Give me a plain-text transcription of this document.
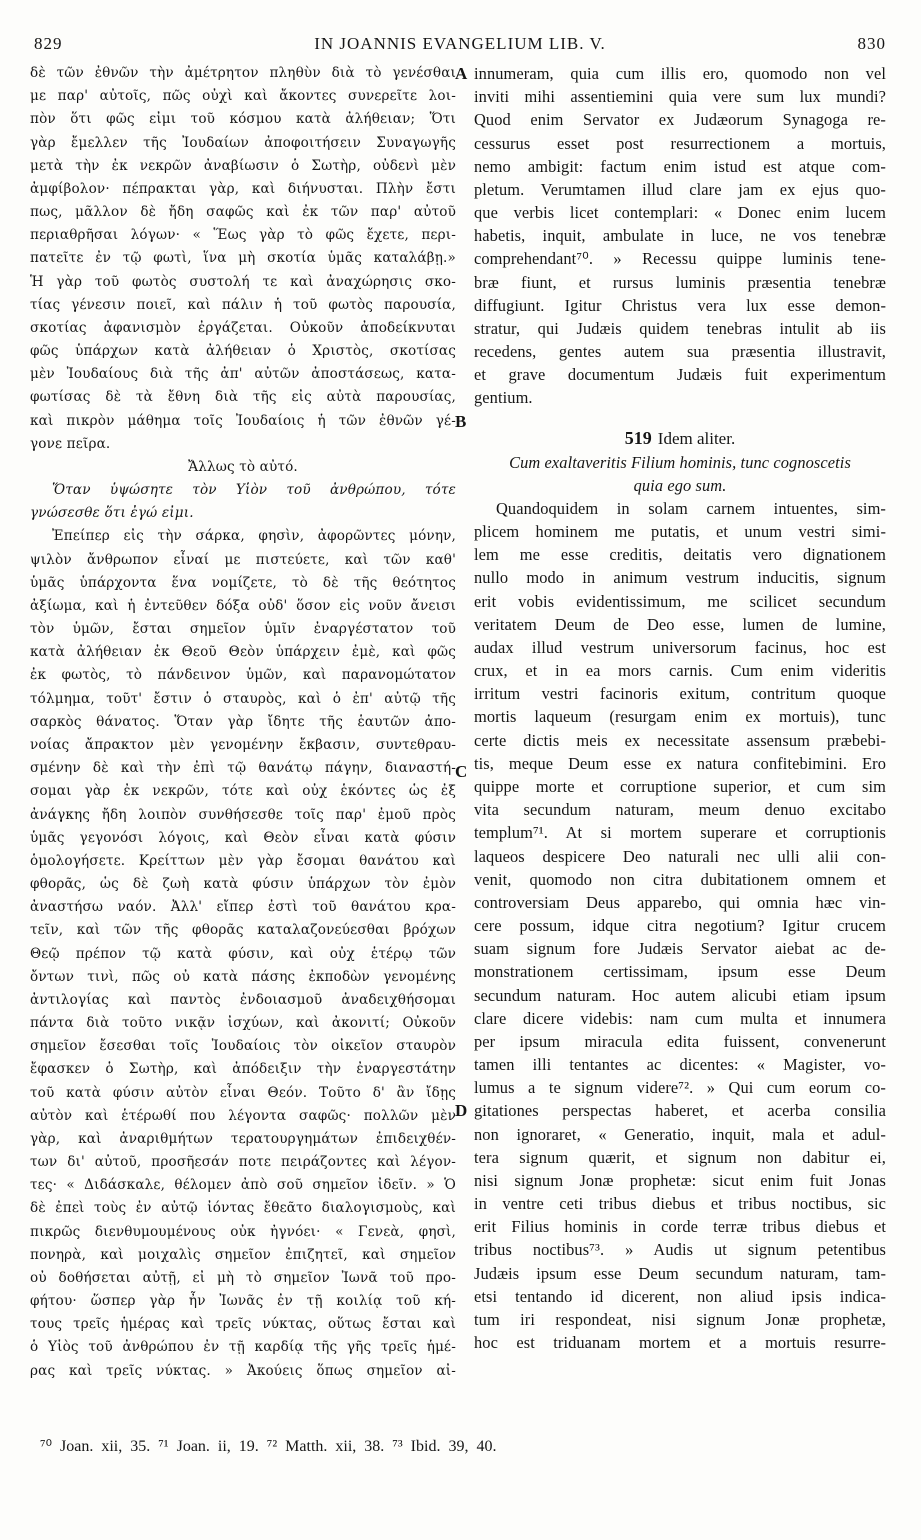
829	IN JOANNIS EVANGELIUM LIB. V.	830
A
B
C
D
δὲ τῶν ἐθνῶν τὴν ἀμέτρητον πληθὺν διὰ τὸ γενέσθαι
με παρ' αὐτοῖς, πῶς οὐχὶ καὶ ἄκοντες συνερεῖτε λοι-
πὸν ὅτι φῶς εἰμι τοῦ κόσμου κατὰ ἀλήθειαν; Ὅτι
γὰρ ἔμελλεν τῆς Ἰουδαίων ἀποφοιτήσειν Συναγωγῆς
μετὰ τὴν ἐκ νεκρῶν ἀναβίωσιν ὁ Σωτὴρ, οὐδενὶ μὲν
ἀμφίβολον· πέπρακται γὰρ, καὶ διήνυσται. Πλὴν ἔστι
πως, μᾶλλον δὲ ἤδη σαφῶς καὶ ἐκ τῶν παρ' αὐτοῦ
περιαθρῆσαι λόγων· « Ἕως γὰρ τὸ φῶς ἔχετε, περι-
πατεῖτε ἐν τῷ φωτὶ, ἵνα μὴ σκοτία ὑμᾶς καταλάβῃ.»
Ἡ γὰρ τοῦ φωτὸς συστολή τε καὶ ἀναχώρησις σκο-
τίας γένεσιν ποιεῖ, καὶ πάλιν ἡ τοῦ φωτὸς παρουσία,
σκοτίας ἀφανισμὸν ἐργάζεται. Οὐκοῦν ἀποδείκνυται
φῶς ὑπάρχων κατὰ ἀλήθειαν ὁ Χριστὸς, σκοτίσας
μὲν Ἰουδαίους διὰ τῆς ἀπ' αὐτῶν ἀποστάσεως, κατα-
φωτίσας δὲ τὰ ἔθνη διὰ τῆς εἰς αὐτὰ παρουσίας,
καὶ πικρὸν μάθημα τοῖς Ἰουδαίοις ἡ τῶν ἐθνῶν γέ-
γονε πεῖρα.
Ἄλλως τὸ αὐτό.
Ὅταν ὑψώσητε τὸν Υἱὸν τοῦ ἀνθρώπου, τότε
γνώσεσθε ὅτι ἐγώ εἰμι.
Ἐπείπερ εἰς τὴν σάρκα, φησὶν, ἀφορῶντες μόνην,
ψιλὸν ἄνθρωπον εἶναί με πιστεύετε, καὶ τῶν καθ'
ὑμᾶς ὑπάρχοντα ἕνα νομίζετε, τὸ δὲ τῆς θεότητος
ἀξίωμα, καὶ ἡ ἐντεῦθεν δόξα οὐδ' ὅσον εἰς νοῦν ἄνεισι
τὸν ὑμῶν, ἔσται σημεῖον ὑμῖν ἐναργέστατον τοῦ
κατὰ ἀλήθειαν ἐκ Θεοῦ Θεὸν ὑπάρχειν ἐμὲ, καὶ φῶς
ἐκ φωτὸς, τὸ πάνδεινον ὑμῶν, καὶ παρανομώτατον
τόλμημα, τοῦτ' ἔστιν ὁ σταυρὸς, καὶ ὁ ἐπ' αὐτῷ τῆς
σαρκὸς θάνατος. Ὅταν γὰρ ἴδητε τῆς ἑαυτῶν ἀπο-
νοίας ἄπρακτον μὲν γενομένην ἔκβασιν, συντεθραυ-
σμένην δὲ καὶ τὴν ἐπὶ τῷ θανάτῳ πάγην, διαναστή-
σομαι γὰρ ἐκ νεκρῶν, τότε καὶ οὐχ ἑκόντες ὡς ἐξ
ἀνάγκης ἤδη λοιπὸν συνθήσεσθε τοῖς παρ' ἐμοῦ πρὸς
ὑμᾶς γεγονόσι λόγοις, καὶ Θεὸν εἶναι κατὰ φύσιν
ὁμολογήσετε. Κρείττων μὲν γὰρ ἔσομαι θανάτου καὶ
φθορᾶς, ὡς δὲ ζωὴ κατὰ φύσιν ὑπάρχων τὸν ἐμὸν
ἀναστήσω ναόν. Ἀλλ' εἴπερ ἐστὶ τοῦ θανάτου κρα-
τεῖν, καὶ τῶν τῆς φθορᾶς καταλαζονεύεσθαι βρόχων
Θεῷ πρέπον τῷ κατὰ φύσιν, καὶ οὐχ ἑτέρῳ τῶν
ὄντων τινὶ, πῶς οὐ κατὰ πάσης ἐκποδὼν γενομένης
ἀντιλογίας καὶ παντὸς ἐνδοιασμοῦ ἀναδειχθήσομαι
πάντα διὰ τοῦτο νικᾷν ἰσχύων, καὶ ἀκονιτί; Οὐκοῦν
σημεῖον ἔσεσθαι τοῖς Ἰουδαίοις τὸν οἰκεῖον σταυρὸν
ἔφασκεν ὁ Σωτὴρ, καὶ ἀπόδειξιν τὴν ἐναργεστάτην
τοῦ κατὰ φύσιν αὐτὸν εἶναι Θεόν. Τοῦτο δ' ἂν ἴδῃς
αὐτὸν καὶ ἑτέρωθί που λέγοντα σαφῶς· πολλῶν μὲν
γὰρ, καὶ ἀναριθμήτων τερατουργημάτων ἐπιδειχθέν-
των δι' αὐτοῦ, προσῆεσάν ποτε πειράζοντες καὶ λέγον-
τες· « Διδάσκαλε, θέλομεν ἀπὸ σοῦ σημεῖον ἰδεῖν. » Ὁ
δὲ ἐπεὶ τοὺς ἐν αὐτῷ ἰόντας ἔθεᾶτο διαλογισμοὺς, καὶ
πικρῶς διενθυμουμένους οὐκ ἠγνόει· « Γενεὰ, φησὶ,
πονηρὰ, καὶ μοιχαλὶς σημεῖον ἐπιζητεῖ, καὶ σημεῖον
οὐ δοθήσεται αὐτῇ, εἰ μὴ τὸ σημεῖον Ἰωνᾶ τοῦ προ-
φήτου· ὥσπερ γὰρ ἦν Ἰωνᾶς ἐν τῇ κοιλίᾳ τοῦ κή-
τους τρεῖς ἡμέρας καὶ τρεῖς νύκτας, οὕτως ἔσται καὶ
ὁ Υἱὸς τοῦ ἀνθρώπου ἐν τῇ καρδίᾳ τῆς γῆς τρεῖς ἡμέ-
ρας καὶ τρεῖς νύκτας. » Ἀκούεις ὅπως σημεῖον αἰ-
innumeram, quia cum illis ero, quomodo non vel
inviti mihi assentiemini quia vere sum lux mundi?
Quod enim Servator ex Judæorum Synagoga re-
cessurus esset post resurrectionem a mortuis,
nemo ambigit: factum enim istud est atque com-
pletum. Verumtamen illud clare jam ex ejus quo-
que verbis licet contemplari: « Donec enim lucem
habetis, inquit, ambulate in luce, ne vos tenebræ
comprehendant⁷⁰. » Recessu quippe luminis tene-
bræ fiunt, et rursus luminis præsentia tenebræ
diffugiunt. Igitur Christus vera lux esse demon-
stratur, qui Judæis quidem tenebras intulit ab iis
recedens, gentes autem sua præsentia illustravit,
et grave documentum Judæis fuit experimentum
gentium.
519 Idem aliter.
Cum exaltaveritis Filium hominis, tunc cognoscetis
quia ego sum.
Quandoquidem in solam carnem intuentes, sim-
plicem hominem me putatis, et unum vestri simi-
lem me esse creditis, deitatis vero dignationem
nullo modo in animum vestrum inducitis, signum
erit vobis evidentissimum, me scilicet secundum
veritatem Deum de Deo esse, lumen de lumine,
audax illud vestrum universorum facinus, hoc est
crux, et in ea mors carnis. Cum enim videritis
irritum vestri facinoris exitum, contritum quoque
mortis laqueum (resurgam enim ex mortuis), tunc
certe dictis meis ex necessitate assensum præbebi-
tis, meque Deum esse ex natura confitebimini. Ero
quippe morte et corruptione superior, et cum sim
vita secundum naturam, meum denuo excitabo
templum⁷¹. At si mortem superare et corruptionis
laqueos despicere Deo naturali nec ulli alii con-
venit, quomodo non citra dubitationem omnem et
controversiam Deus apparebo, qui omnia hæc vin-
cere possum, idque citra negotium? Igitur crucem
suam signum fore Judæis Servator aiebat ac de-
monstrationem certissimam, ipsum esse Deum
secundum naturam. Hoc autem alicubi etiam ipsum
clare dicere videbis: nam cum multa et innumera
per ipsum miracula edita fuissent, convenerunt
tamen illi tentantes ac dicentes: « Magister, vo-
lumus a te signum videre⁷². » Qui cum eorum co-
gitationes perspectas haberet, et acerba consilia
non ignoraret, « Generatio, inquit, mala et adul-
tera signum quærit, et signum non dabitur ei,
nisi signum Jonæ prophetæ: sicut enim fuit Jonas
in ventre ceti tribus diebus et tribus noctibus, sic
erit Filius hominis in corde terræ tribus diebus et
tribus noctibus⁷³. » Audis ut signum petentibus
Judæis ipsum esse Deum secundum naturam, tam-
etsi tentando id dicerent, non aliud ipsis indica-
tum iri respondeat, nisi signum Jonæ prophetæ,
hoc est triduanam mortem et a mortuis resurre-
⁷⁰ Joan. xii, 35. ⁷¹ Joan. ii, 19. ⁷² Matth. xii, 38. ⁷³ Ibid. 39, 40.
